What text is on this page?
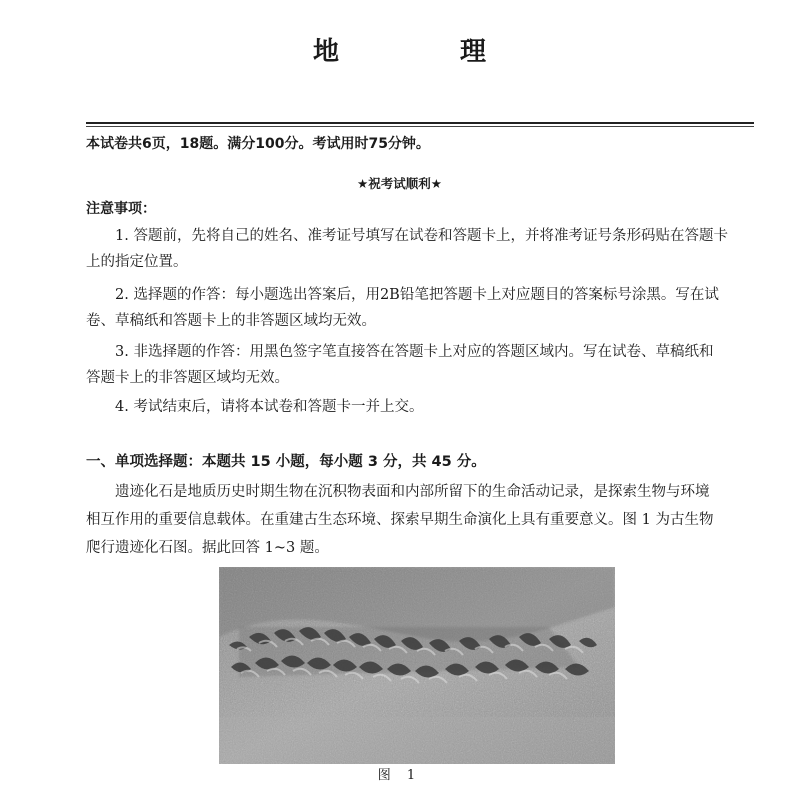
地 理
本试卷共6页，18题。满分100分。考试用时75分钟。
★祝考试顺利★
注意事项：
1. 答题前，先将自己的姓名、准考证号填写在试卷和答题卡上，并将准考证号条形码贴在答题卡
上的指定位置。
2. 选择题的作答：每小题选出答案后，用2B铅笔把答题卡上对应题目的答案标号涂黑。写在试
卷、草稿纸和答题卡上的非答题区域均无效。
3. 非选择题的作答：用黑色签字笔直接答在答题卡上对应的答题区域内。写在试卷、草稿纸和
答题卡上的非答题区域均无效。
4. 考试结束后，请将本试卷和答题卡一并上交。
一、单项选择题：本题共 15 小题，每小题 3 分，共 45 分。
遗迹化石是地质历史时期生物在沉积物表面和内部所留下的生命活动记录，是探索生物与环境
相互作用的重要信息载体。在重建古生态环境、探索早期生命演化上具有重要意义。图 1 为古生物
爬行遗迹化石图。据此回答 1~3 题。
图 1
